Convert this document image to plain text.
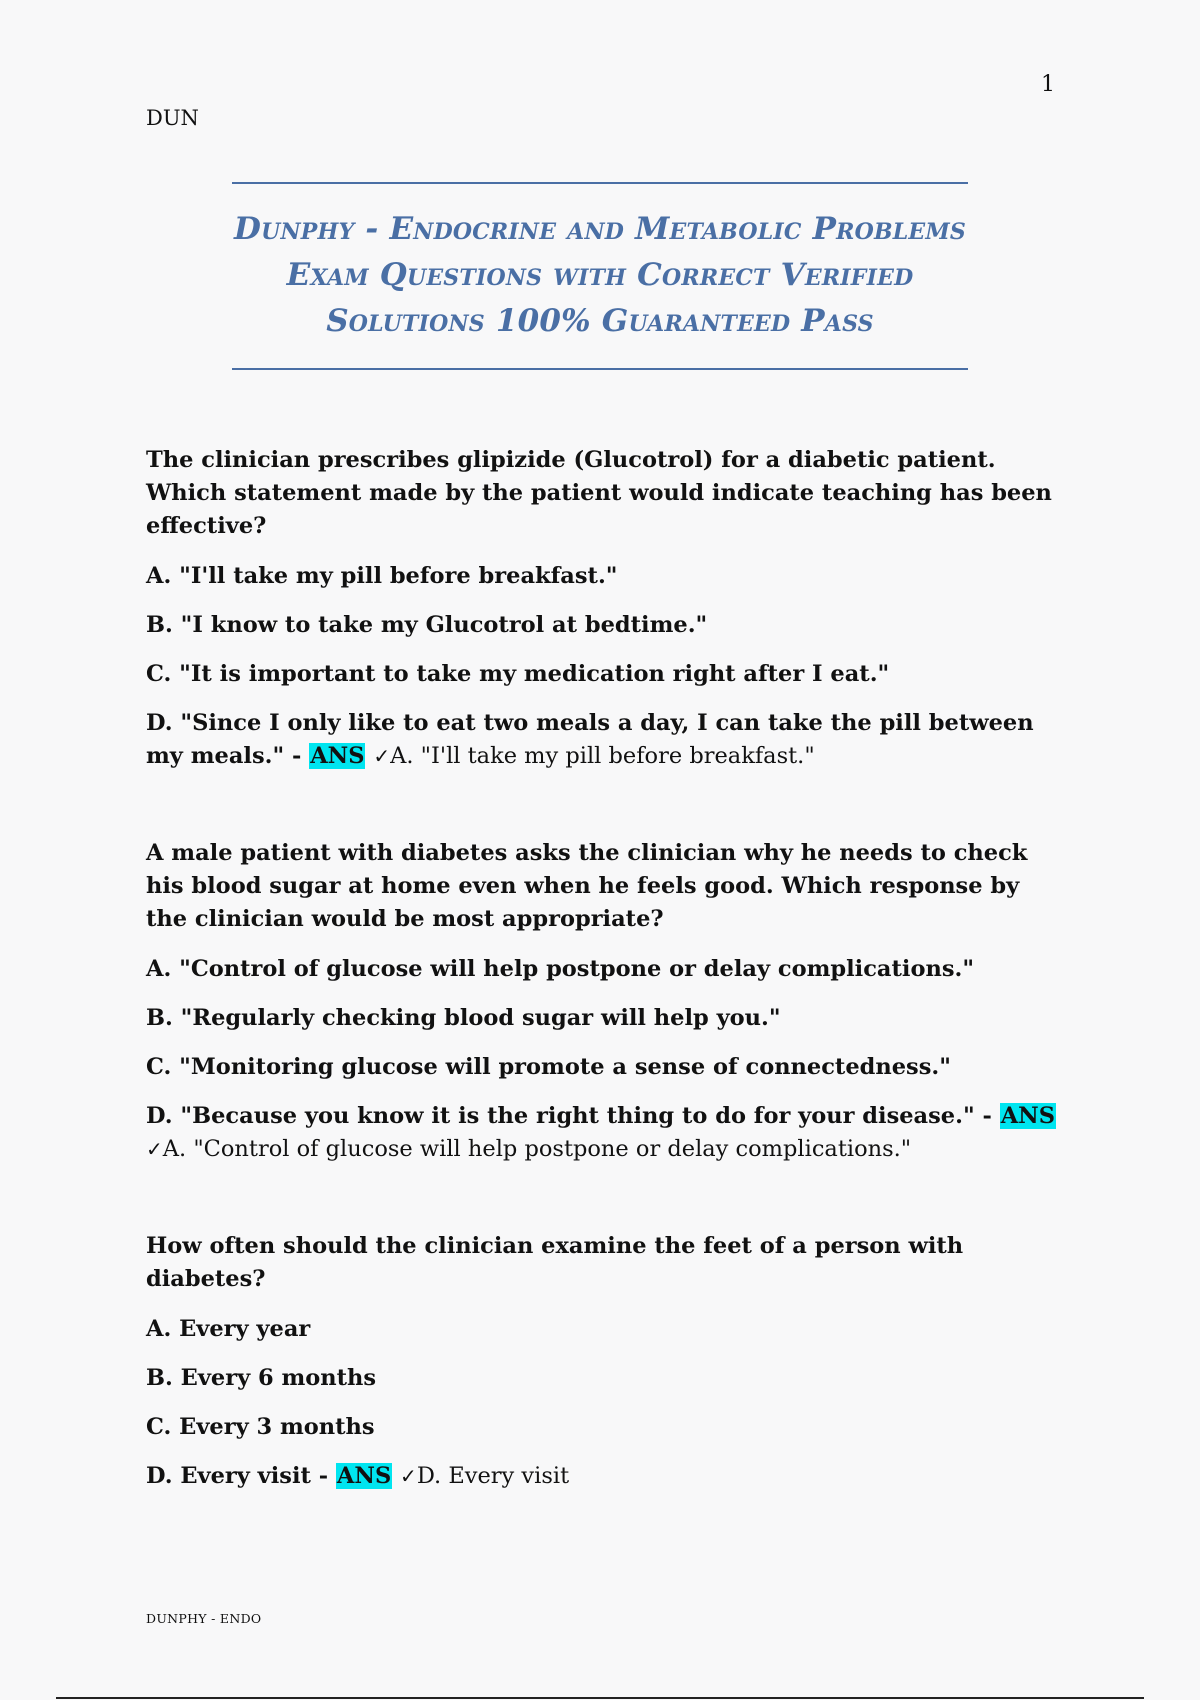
1
DUN
Dunphy - Endocrine and Metabolic Problems
Exam Questions with Correct Verified
Solutions 100% Guaranteed Pass

The clinician prescribes glipizide (Glucotrol) for a diabetic patient. Which statement made by the patient would indicate teaching has been effective?

A. "I'll take my pill before breakfast."

B. "I know to take my Glucotrol at bedtime."

C. "It is important to take my medication right after I eat."

D. "Since I only like to eat two meals a day, I can take the pill between my meals." - ANS ✓A. "I'll take my pill before breakfast."

A male patient with diabetes asks the clinician why he needs to check his blood sugar at home even when he feels good. Which response by the clinician would be most appropriate?

A. "Control of glucose will help postpone or delay complications."

B. "Regularly checking blood sugar will help you."

C. "Monitoring glucose will promote a sense of connectedness."

D. "Because you know it is the right thing to do for your disease." - ANS ✓A. "Control of glucose will help postpone or delay complications."

How often should the clinician examine the feet of a person with diabetes?

A. Every year

B. Every 6 months

C. Every 3 months

D. Every visit - ANS ✓D. Every visit

DUNPHY - ENDO
